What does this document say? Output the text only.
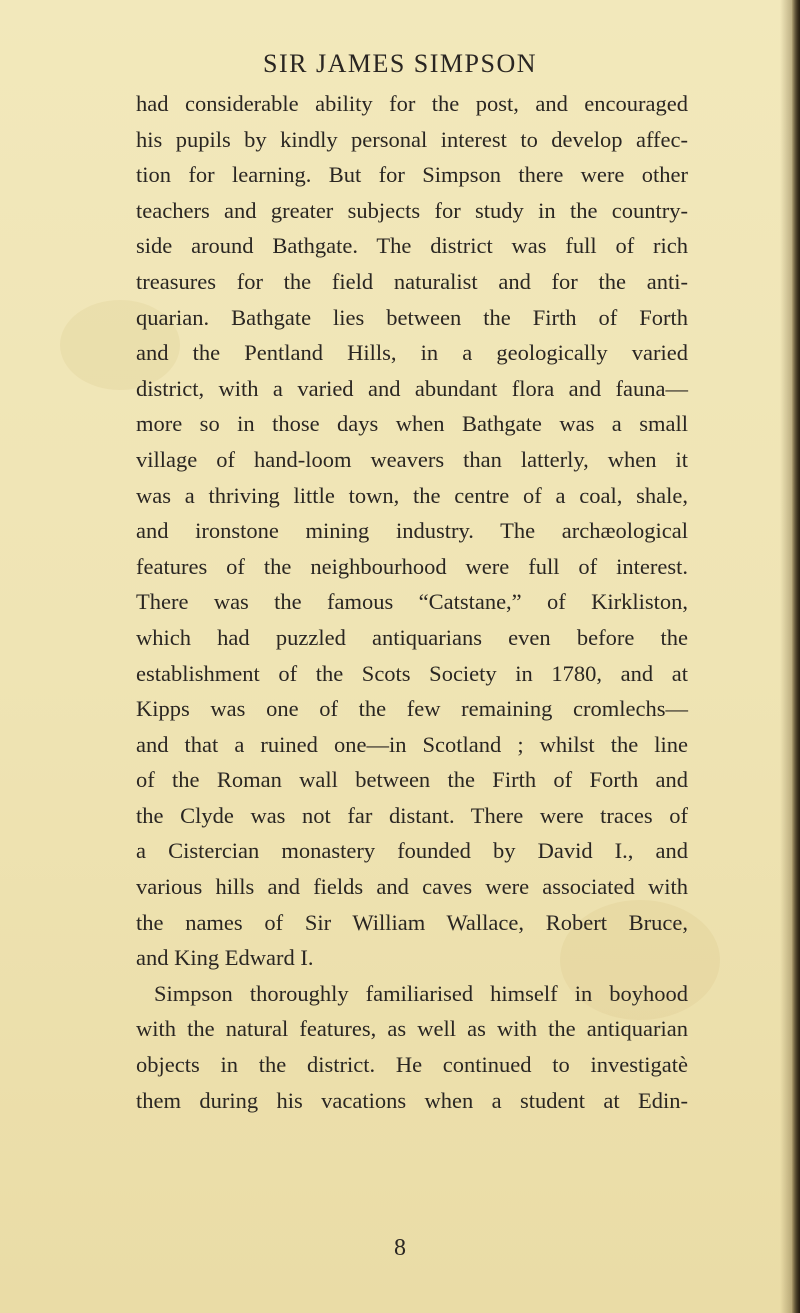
SIR JAMES SIMPSON
had considerable ability for the post, and encouraged
his pupils by kindly personal interest to develop affec-
tion for learning. But for Simpson there were other
teachers and greater subjects for study in the country-
side around Bathgate. The district was full of rich
treasures for the field naturalist and for the anti-
quarian. Bathgate lies between the Firth of Forth
and the Pentland Hills, in a geologically varied
district, with a varied and abundant flora and fauna—
more so in those days when Bathgate was a small
village of hand-loom weavers than latterly, when it
was a thriving little town, the centre of a coal, shale,
and ironstone mining industry. The archæological
features of the neighbourhood were full of interest.
There was the famous “Catstane,” of Kirkliston,
which had puzzled antiquarians even before the
establishment of the Scots Society in 1780, and at
Kipps was one of the few remaining cromlechs—
and that a ruined one—in Scotland ; whilst the line
of the Roman wall between the Firth of Forth and
the Clyde was not far distant. There were traces of
a Cistercian monastery founded by David I., and
various hills and fields and caves were associated with
the names of Sir William Wallace, Robert Bruce,
and King Edward I.
Simpson thoroughly familiarised himself in boyhood
with the natural features, as well as with the antiquarian
objects in the district. He continued to investigatè
them during his vacations when a student at Edin-
8
